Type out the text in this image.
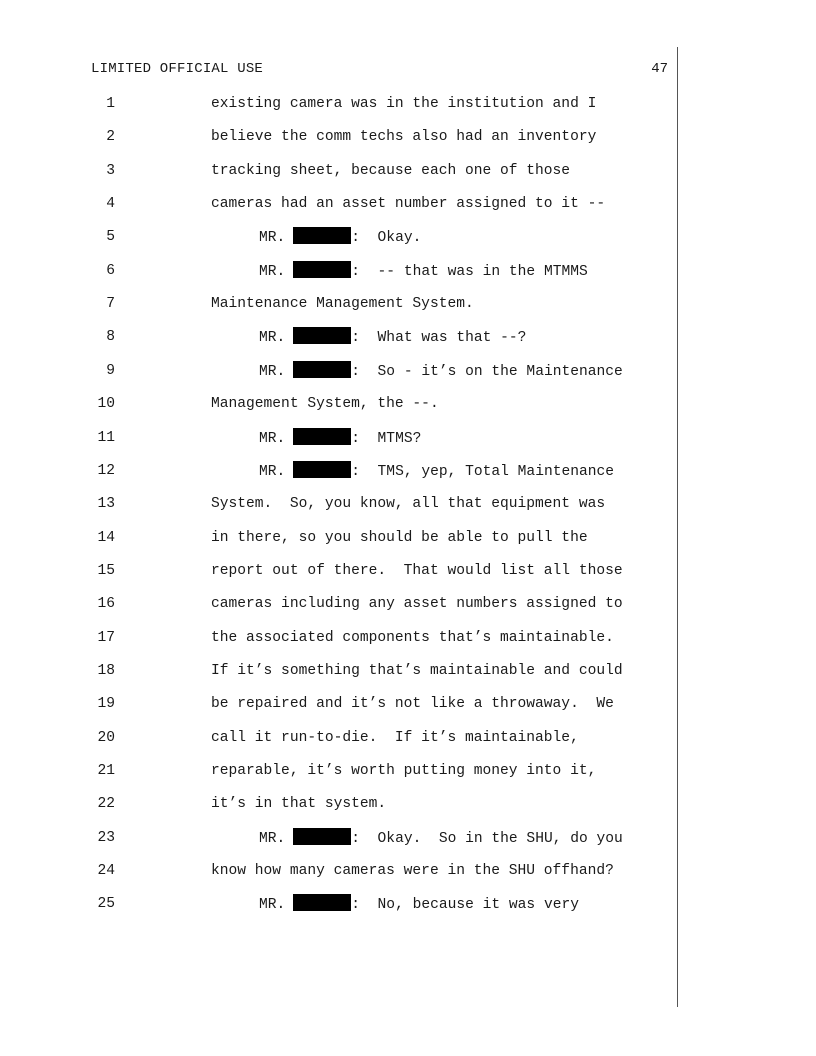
LIMITED OFFICIAL USE	47
1	existing camera was in the institution and I
2	believe the comm techs also had an inventory
3	tracking sheet, because each one of those
4	cameras had an asset number assigned to it --
5	MR.	:  Okay.
6	MR.	:  -- that was in the MTMMS
7	Maintenance Management System.
8	MR.	:  What was that --?
9	MR.	:  So - it’s on the Maintenance
10	Management System, the --.
11	MR.	:  MTMS?
12	MR.	:  TMS, yep, Total Maintenance
13	System.  So, you know, all that equipment was
14	in there, so you should be able to pull the
15	report out of there.  That would list all those
16	cameras including any asset numbers assigned to
17	the associated components that’s maintainable.
18	If it’s something that’s maintainable and could
19	be repaired and it’s not like a throwaway.  We
20	call it run-to-die.  If it’s maintainable,
21	reparable, it’s worth putting money into it,
22	it’s in that system.
23	MR.	:  Okay.  So in the SHU, do you
24	know how many cameras were in the SHU offhand?
25	MR.	:  No, because it was very
